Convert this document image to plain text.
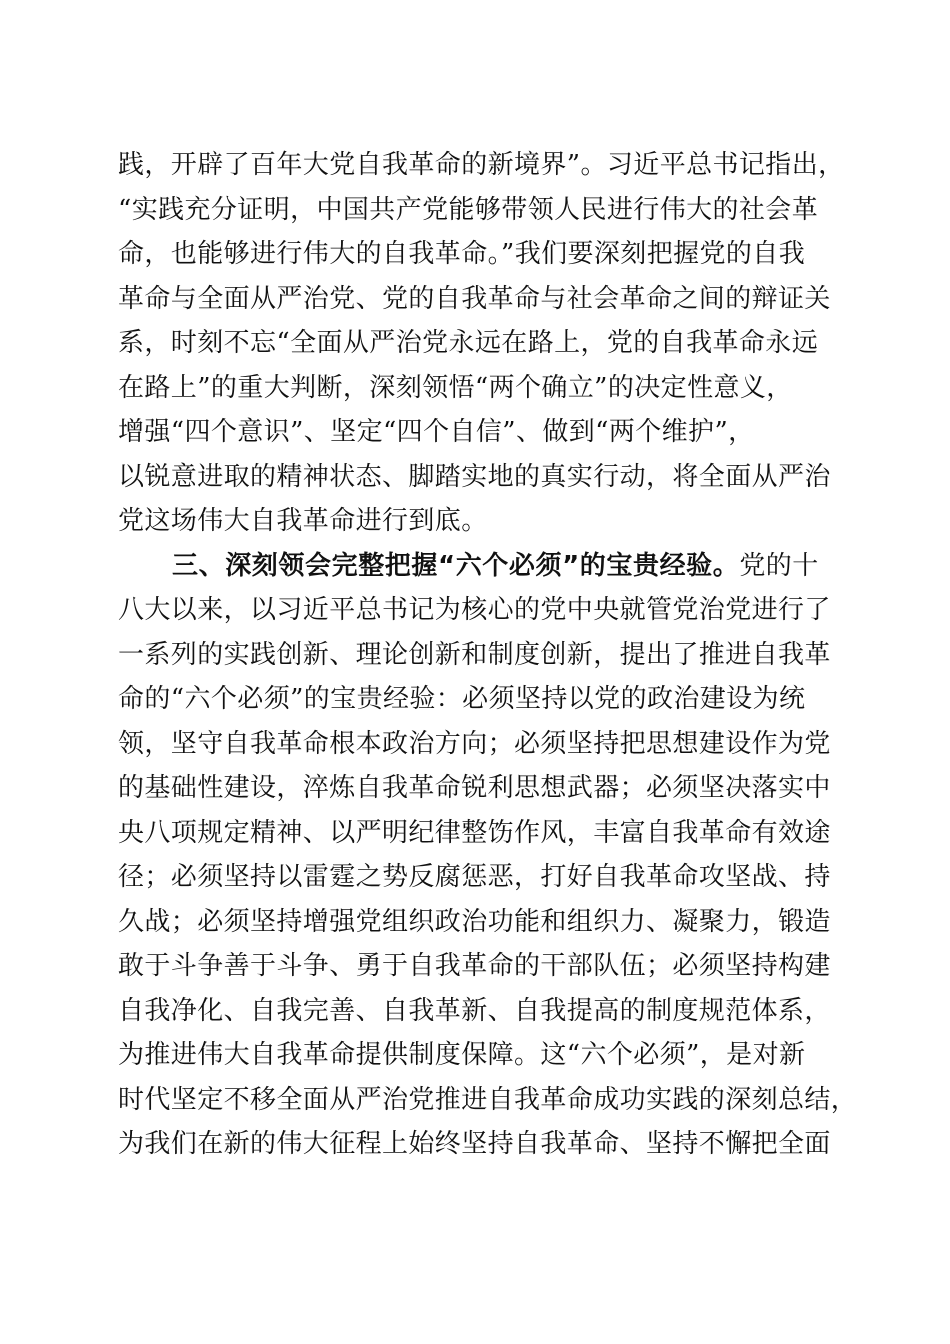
践，开辟了百年大党自我革命的新境界”。习近平总书记指出，
“实践充分证明，中国共产党能够带领人民进行伟大的社会革
命，也能够进行伟大的自我革命。”我们要深刻把握党的自我
革命与全面从严治党、党的自我革命与社会革命之间的辩证关
系，时刻不忘“全面从严治党永远在路上，党的自我革命永远
在路上”的重大判断，深刻领悟“两个确立”的决定性意义，
增强“四个意识”、坚定“四个自信”、做到“两个维护”，
以锐意进取的精神状态、脚踏实地的真实行动，将全面从严治
党这场伟大自我革命进行到底。
三、深刻领会完整把握“六个必须”的宝贵经验。党的十
八大以来，以习近平总书记为核心的党中央就管党治党进行了
一系列的实践创新、理论创新和制度创新，提出了推进自我革
命的“六个必须”的宝贵经验：必须坚持以党的政治建设为统
领，坚守自我革命根本政治方向；必须坚持把思想建设作为党
的基础性建设，淬炼自我革命锐利思想武器；必须坚决落实中
央八项规定精神、以严明纪律整饬作风，丰富自我革命有效途
径；必须坚持以雷霆之势反腐惩恶，打好自我革命攻坚战、持
久战；必须坚持增强党组织政治功能和组织力、凝聚力，锻造
敢于斗争善于斗争、勇于自我革命的干部队伍；必须坚持构建
自我净化、自我完善、自我革新、自我提高的制度规范体系，
为推进伟大自我革命提供制度保障。这“六个必须”，是对新
时代坚定不移全面从严治党推进自我革命成功实践的深刻总结，
为我们在新的伟大征程上始终坚持自我革命、坚持不懈把全面
